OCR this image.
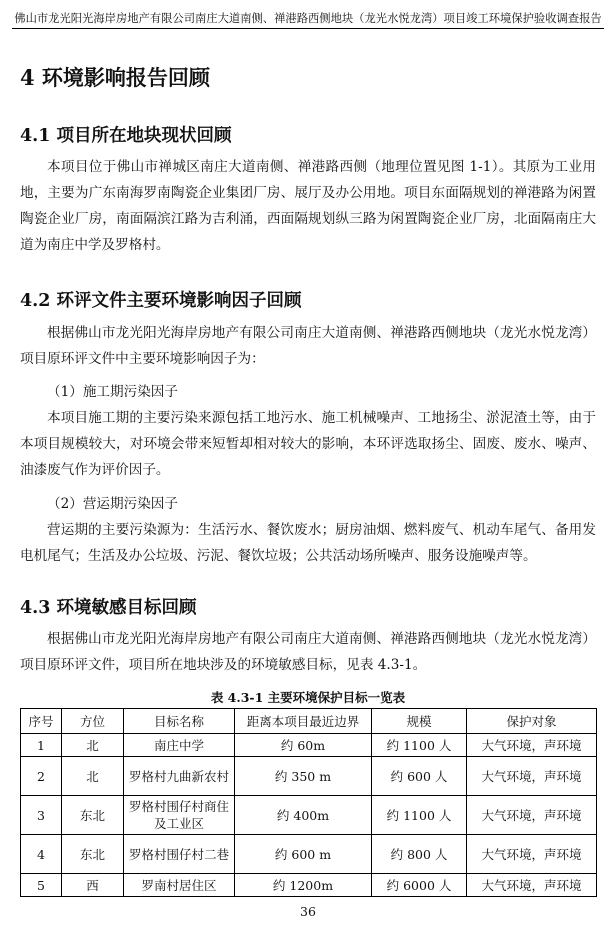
佛山市龙光阳光海岸房地产有限公司南庄大道南侧、禅港路西侧地块（龙光水悦龙湾）项目竣工环境保护验收调查报告
4 环境影响报告回顾
4.1 项目所在地块现状回顾

本项目位于佛山市禅城区南庄大道南侧、禅港路西侧（地理位置见图 1-1）。其原为工业用地，主要为广东南海罗南陶瓷企业集团厂房、展厅及办公用地。项目东面隔规划的禅港路为闲置陶瓷企业厂房，南面隔滨江路为吉利涌，西面隔规划纵三路为闲置陶瓷企业厂房，北面隔南庄大道为南庄中学及罗格村。

4.2 环评文件主要环境影响因子回顾

根据佛山市龙光阳光海岸房地产有限公司南庄大道南侧、禅港路西侧地块（龙光水悦龙湾）项目原环评文件中主要环境影响因子为：

（1）施工期污染因子

本项目施工期的主要污染来源包括工地污水、施工机械噪声、工地扬尘、淤泥渣土等，由于本项目规模较大，对环境会带来短暂却相对较大的影响，本环评选取扬尘、固废、废水、噪声、油漆废气作为评价因子。

（2）营运期污染因子

营运期的主要污染源为：生活污水、餐饮废水；厨房油烟、燃料废气、机动车尾气、备用发电机尾气；生活及办公垃圾、污泥、餐饮垃圾；公共活动场所噪声、服务设施噪声等。

4.3 环境敏感目标回顾

根据佛山市龙光阳光海岸房地产有限公司南庄大道南侧、禅港路西侧地块（龙光水悦龙湾）项目原环评文件，项目所在地块涉及的环境敏感目标，见表 4.3-1。

表 4.3-1 主要环境保护目标一览表
序号	方位	目标名称	距离本项目最近边界	规模	保护对象
1	北	南庄中学	约 60m	约 1100 人	大气环境，声环境
2	北	罗格村九曲新农村	约 350 m	约 600 人	大气环境，声环境
3	东北	罗格村围仔村商住及工业区	约 400m	约 1100 人	大气环境，声环境
4	东北	罗格村围仔村二巷	约 600 m	约 800 人	大气环境，声环境
5	西	罗南村居住区	约 1200m	约 6000 人	大气环境，声环境
36
